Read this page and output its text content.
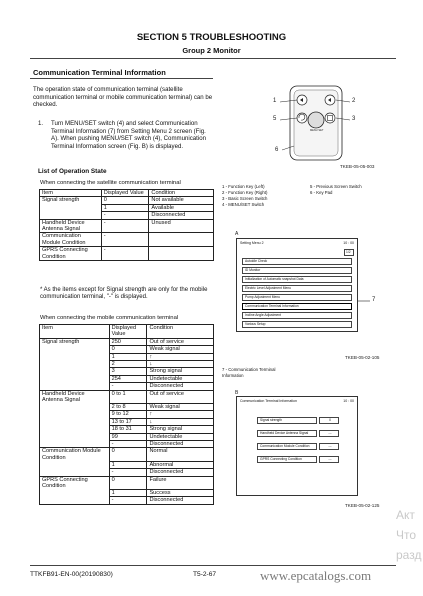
SECTION 5 TROUBLESHOOTING
Group 2 Monitor
Communication Terminal Information
The operation state of communication terminal (satellite communication terminal or mobile communication terminal) can be checked.
1. Turn MENU/SET switch (4) and select Communication Terminal Information (7) from Setting Menu 2 screen (Fig. A). When pushing MENU/SET switch (4), Communication Terminal Information screen (Fig. B) is displayed.
List of Operation State
When connecting the satellite communication terminal
Item	Displayed Value	Condition
Signal strength	0	Not available
	1	Available
	-	Disconnected
Handheld Device Antenna Signal	-	Unused
Communication Module Condition	-	
GPRS Connecting Condition	-	
* As the items except for Signal strength are only for the mobile communication terminal, "-" is displayed.
When connecting the mobile communication terminal
Item	Displayed Value	Condition
Signal strength	250	Out of service
	0	Weak signal
	1	↑
	2	↓
	3	Strong signal
	254	Undetectable
	-	Disconnected
Handheld Device Antenna Signal	0 to 1	Out of service
	2 to 8	Weak signal
	9 to 12	↑
	13 to 17	↓
	18 to 31	Strong signal
	99	Undetectable
	-	Disconnected
Communication Module Condition	0	Normal
	1	Abnormal
	-	Disconnected
GPRS Connecting Condition	0	Failure
	1	Success
	-	Disconnected
1	2
3
5
6
MENU SET
TKEB-05-05-003
1 - Function Key (Left)
2 - Function Key (Right)
3 - Basic Screen Switch
4 - MENU/SET Switch
5 - Previous Screen Switch
6 - Key Pad
A
Setting Menu 2	10 : 00
1/2
Autoidle Check
ID Monitor
Initialization of Automatic snapshot Data
Electric Level Adjustment Menu
Pump Adjustment Menu
Communication Terminal Information
Incline Angle Adjustment
Various Setup
7
TKEB-05-02-105
7 - Communication Terminal Information
B
Communication Terminal Information	10 : 00
Signal strength	0
Handheld Device Antenna Signal	---
Communication Module Condition	---
GPRS Connecting Condition	---
TKEB-05-02-125
TTKFB91-EN-00(20190830)	T5-2-67	www.epcatalogs.com
Акт
Что
разд
